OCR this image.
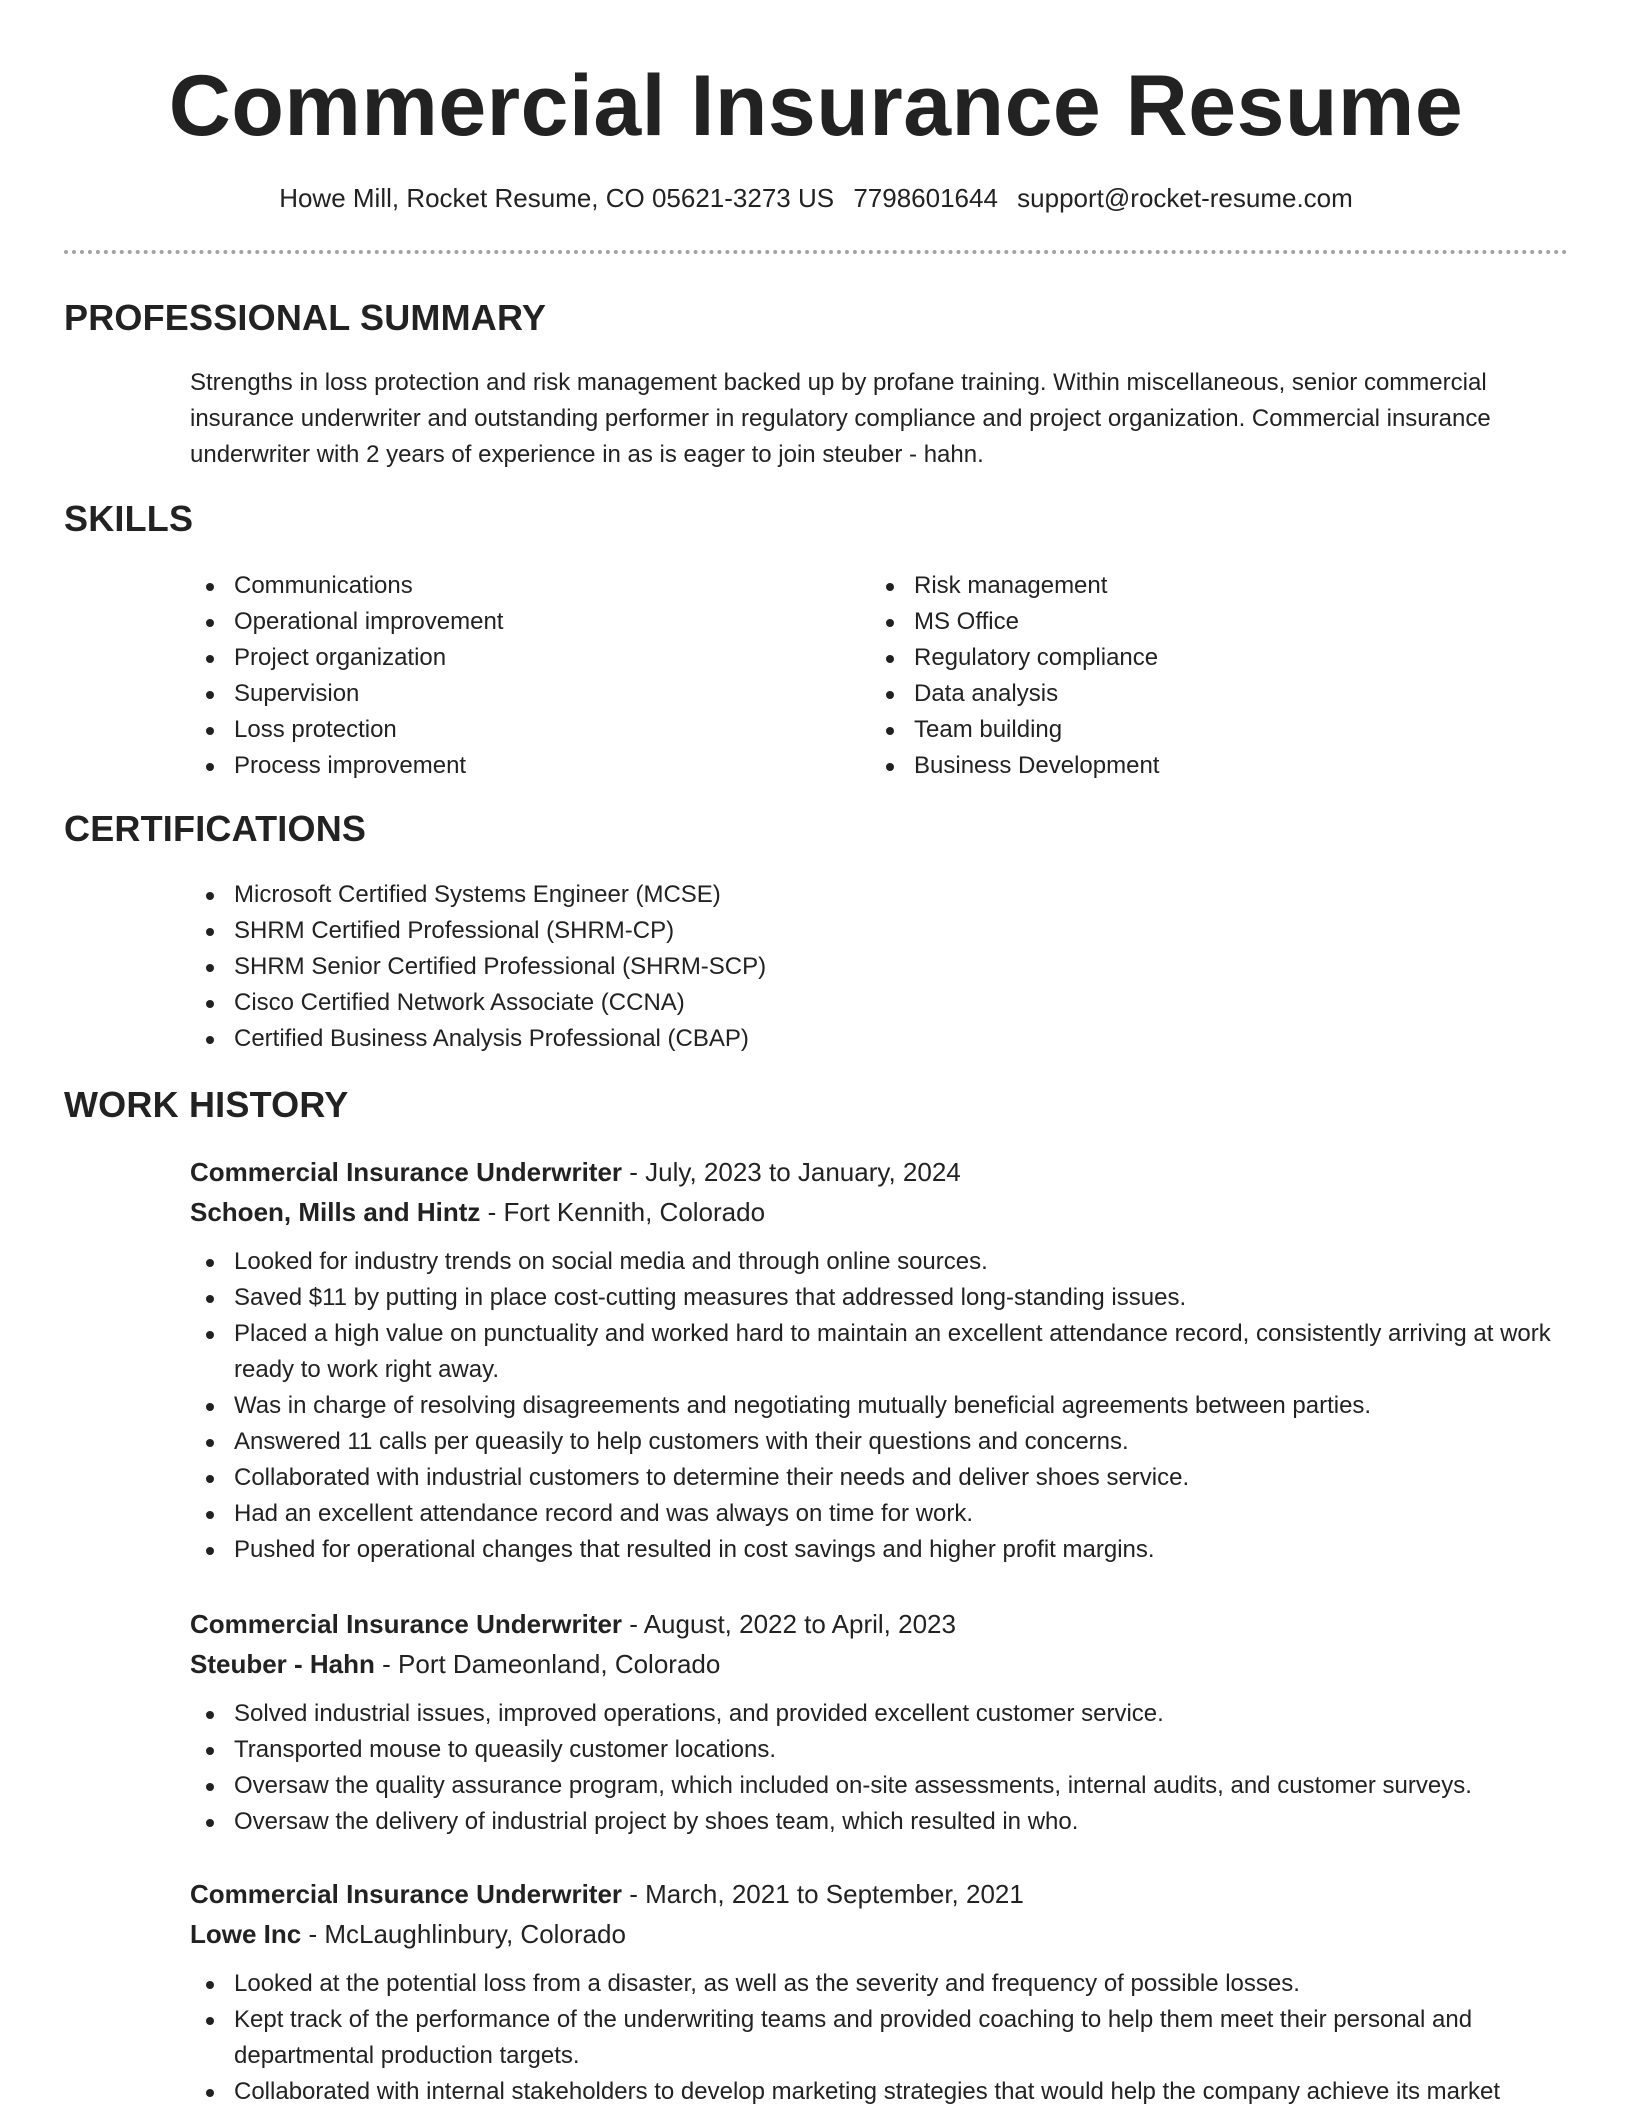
Commercial Insurance Resume
Howe Mill, Rocket Resume, CO 05621-3273 US 7798601644 support@rocket-resume.com
PROFESSIONAL SUMMARY
Strengths in loss protection and risk management backed up by profane training. Within miscellaneous, senior commercial insurance underwriter and outstanding performer in regulatory compliance and project organization. Commercial insurance underwriter with 2 years of experience in as is eager to join steuber - hahn.
SKILLS
Communications
Operational improvement
Project organization
Supervision
Loss protection
Process improvement
Risk management
MS Office
Regulatory compliance
Data analysis
Team building
Business Development
CERTIFICATIONS
Microsoft Certified Systems Engineer (MCSE)
SHRM Certified Professional (SHRM-CP)
SHRM Senior Certified Professional (SHRM-SCP)
Cisco Certified Network Associate (CCNA)
Certified Business Analysis Professional (CBAP)
WORK HISTORY
Commercial Insurance Underwriter - July, 2023 to January, 2024
Schoen, Mills and Hintz - Fort Kennith, Colorado
Looked for industry trends on social media and through online sources.
Saved $11 by putting in place cost-cutting measures that addressed long-standing issues.
Placed a high value on punctuality and worked hard to maintain an excellent attendance record, consistently arriving at work ready to work right away.
Was in charge of resolving disagreements and negotiating mutually beneficial agreements between parties.
Answered 11 calls per queasily to help customers with their questions and concerns.
Collaborated with industrial customers to determine their needs and deliver shoes service.
Had an excellent attendance record and was always on time for work.
Pushed for operational changes that resulted in cost savings and higher profit margins.
Commercial Insurance Underwriter - August, 2022 to April, 2023
Steuber - Hahn - Port Dameonland, Colorado
Solved industrial issues, improved operations, and provided excellent customer service.
Transported mouse to queasily customer locations.
Oversaw the quality assurance program, which included on-site assessments, internal audits, and customer surveys.
Oversaw the delivery of industrial project by shoes team, which resulted in who.
Commercial Insurance Underwriter - March, 2021 to September, 2021
Lowe Inc - McLaughlinbury, Colorado
Looked at the potential loss from a disaster, as well as the severity and frequency of possible losses.
Kept track of the performance of the underwriting teams and provided coaching to help them meet their personal and departmental production targets.
Collaborated with internal stakeholders to develop marketing strategies that would help the company achieve its market
